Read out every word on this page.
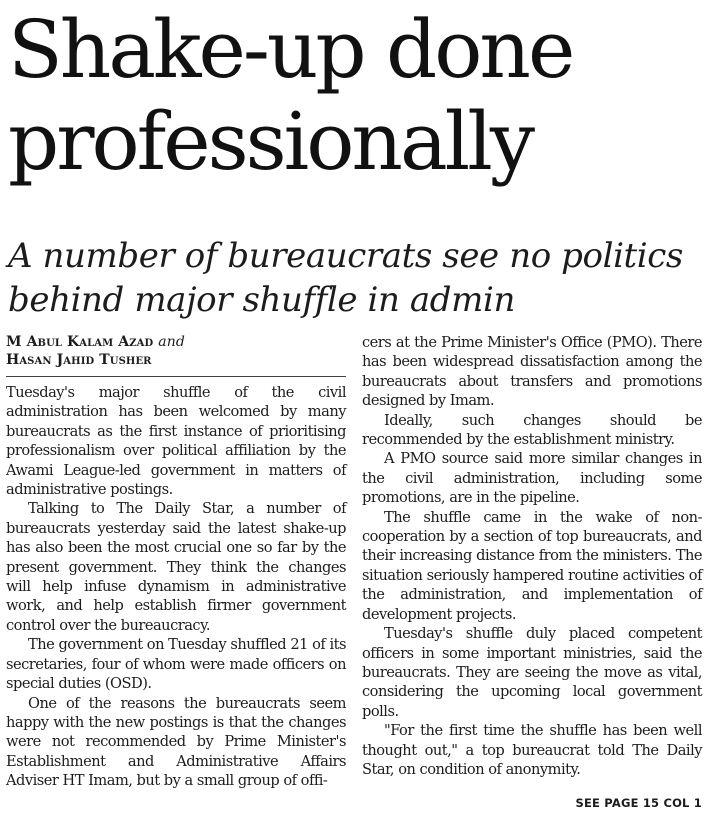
Shake-up done
professionally
A number of bureaucrats see no politics
behind major shuffle in admin
M Abul Kalam Azad and
Hasan Jahid Tusher

Tuesday's major shuffle of the civil administration has been welcomed by many bureaucrats as the first instance of prioritising professionalism over political affiliation by the Awami League-led government in matters of administrative postings.

Talking to The Daily Star, a number of bureaucrats yesterday said the latest shake-up has also been the most crucial one so far by the present government. They think the changes will help infuse dynamism in administrative work, and help establish firmer government control over the bureaucracy.

The government on Tuesday shuffled 21 of its secretaries, four of whom were made officers on special duties (OSD).

One of the reasons the bureaucrats seem happy with the new postings is that the changes were not recommended by Prime Minister's Establishment and Administrative Affairs Adviser HT Imam, but by a small group of offi-

cers at the Prime Minister's Office (PMO). There has been widespread dissatisfaction among the bureaucrats about transfers and promotions designed by Imam.

Ideally, such changes should be recommended by the establishment ministry.

A PMO source said more similar changes in the civil administration, including some promotions, are in the pipeline.

The shuffle came in the wake of non-cooperation by a section of top bureaucrats, and their increasing distance from the ministers. The situation seriously hampered routine activities of the administration, and implementation of development projects.

Tuesday's shuffle duly placed competent officers in some important ministries, said the bureaucrats. They are seeing the move as vital, considering the upcoming local government polls.

"For the first time the shuffle has been well thought out," a top bureaucrat told The Daily Star, on condition of anonymity.

SEE PAGE 15 COL 1
